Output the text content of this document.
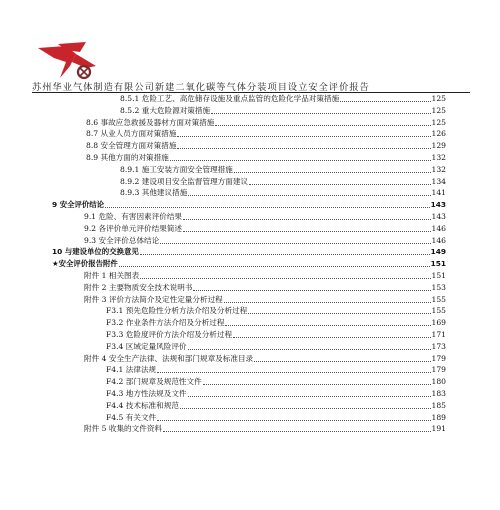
苏州华业气体制造有限公司新建二氧化碳等气体分装项目设立安全评价报告
8.5.1 危险工艺、高危储存设施及重点监管的危险化学品对策措施	125
8.5.2 重大危险源对策措施	125
8.6 事故应急救援及器材方面对策措施	125
8.7 从业人员方面对策措施	126
8.8 安全管理方面对策措施	129
8.9 其他方面的对策措施	132
8.9.1 施工安装方面安全管理措施	132
8.9.2 建设项目安全监督管理方面建议	134
8.9.3 其他建议措施	141
9 安全评价结论	143
9.1 危险、有害因素评价结果	143
9.2 各评价单元评价结果简述	146
9.3 安全评价总体结论	146
10 与建设单位的交换意见	149
★安全评价报告附件	151
附件 1 相关图表	151
附件 2 主要物质安全技术说明书	153
附件 3 评价方法简介及定性定量分析过程	155
F3.1 预先危险性分析方法介绍及分析过程	155
F3.2 作业条件方法介绍及分析过程	169
F3.3 危险度评价方法介绍及分析过程	171
F3.4 区域定量风险评价	173
附件 4 安全生产法律、法规和部门规章及标准目录	179
F4.1 法律法规	179
F4.2 部门规章及规范性文件	180
F4.3 地方性法规及文件	183
F4.4 技术标准和规范	185
F4.5 有关文件	189
附件 5 收集的文件资料	191
